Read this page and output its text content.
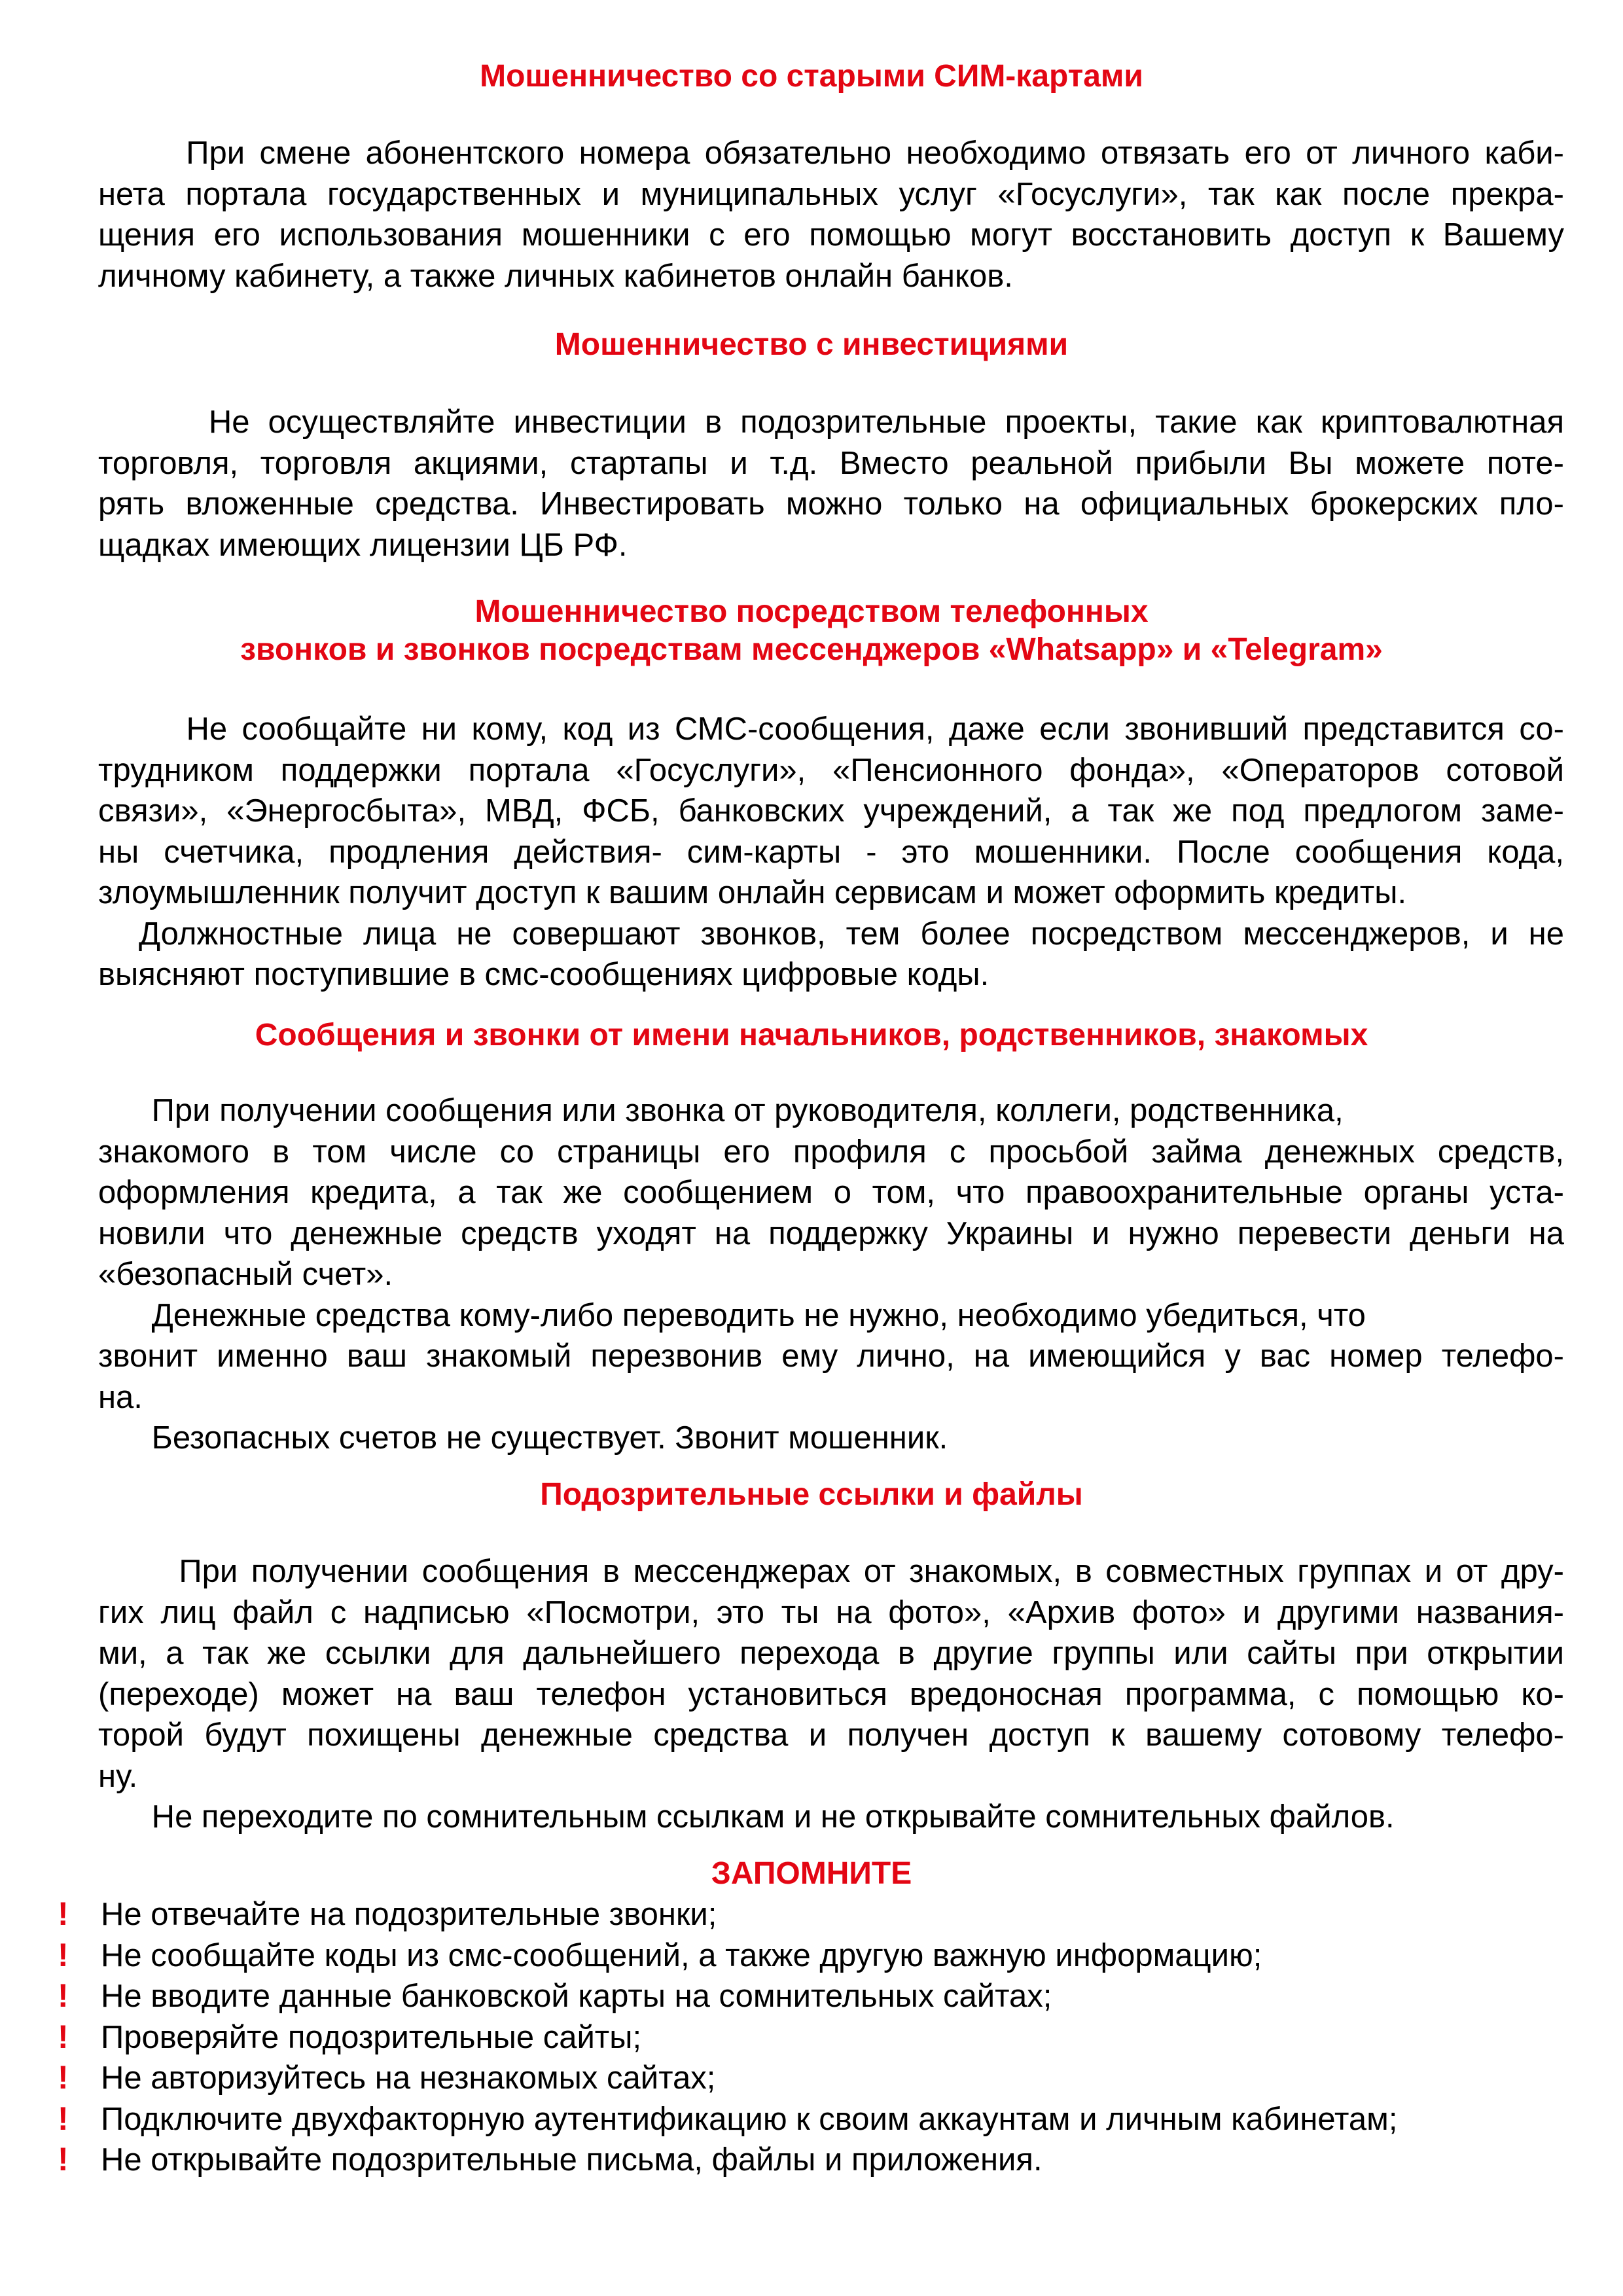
Мошенничество со старыми СИМ-картами
При смене абонентского номера обязательно необходимо отвязать его от личного каби-
нета портала государственных и муниципальных услуг «Госуслуги», так как после прекра-
щения его использования мошенники с его помощью могут восстановить доступ к Вашему
личному кабинету, а также личных кабинетов онлайн банков.
Мошенничество с инвестициями
Не осуществляйте инвестиции в подозрительные проекты, такие как криптовалютная
торговля, торговля акциями, стартапы и т.д. Вместо реальной прибыли Вы можете поте-
рять вложенные средства. Инвестировать можно только на официальных брокерских пло-
щадках имеющих лицензии ЦБ РФ.
Мошенничество посредством телефонных
звонков и звонков посредствам мессенджеров «Whatsapp» и «Telegram»
Не сообщайте ни кому, код из СМС-сообщения, даже если звонивший представится со-
трудником поддержки портала «Госуслуги», «Пенсионного фонда», «Операторов сотовой
связи», «Энергосбыта», МВД, ФСБ, банковских учреждений, а так же под предлогом заме-
ны счетчика, продления действия- сим-карты - это мошенники. После сообщения кода,
злоумышленник получит доступ к вашим онлайн сервисам и может оформить кредиты.
Должностные лица не совершают звонков, тем более посредством мессенджеров, и не
выясняют поступившие в смс-сообщениях цифровые коды.
Сообщения и звонки от имени начальников, родственников, знакомых
При получении сообщения или звонка от руководителя, коллеги, родственника,
знакомого в том числе со страницы его профиля с просьбой займа денежных средств,
оформления кредита, а так же сообщением о том, что правоохранительные органы уста-
новили что денежные средств уходят на поддержку Украины и нужно перевести деньги на
«безопасный счет».
Денежные средства кому-либо переводить не нужно, необходимо убедиться, что
звонит именно ваш знакомый перезвонив ему лично, на имеющийся у вас номер телефо-
на.
Безопасных счетов не существует. Звонит мошенник.
Подозрительные ссылки и файлы
При получении сообщения в мессенджерах от знакомых, в совместных группах и от дру-
гих лиц файл с надписью «Посмотри, это ты на фото», «Архив фото» и другими названия-
ми, а так же ссылки для дальнейшего перехода в другие группы или сайты при открытии
(переходе) может на ваш телефон установиться вредоносная программа, с помощью ко-
торой будут похищены денежные средства и получен доступ к вашему сотовому телефо-
ну.
Не переходите по сомнительным ссылкам и не открывайте сомнительных файлов.
ЗАПОМНИТЕ
!	Не отвечайте на подозрительные звонки;
!	Не сообщайте коды из смс-сообщений, а также другую важную информацию;
!	Не вводите данные банковской карты на сомнительных сайтах;
!	Проверяйте подозрительные сайты;
!	Не авторизуйтесь на незнакомых сайтах;
!	Подключите двухфакторную аутентификацию к своим аккаунтам и личным кабинетам;
!	Не открывайте подозрительные письма, файлы и приложения.
